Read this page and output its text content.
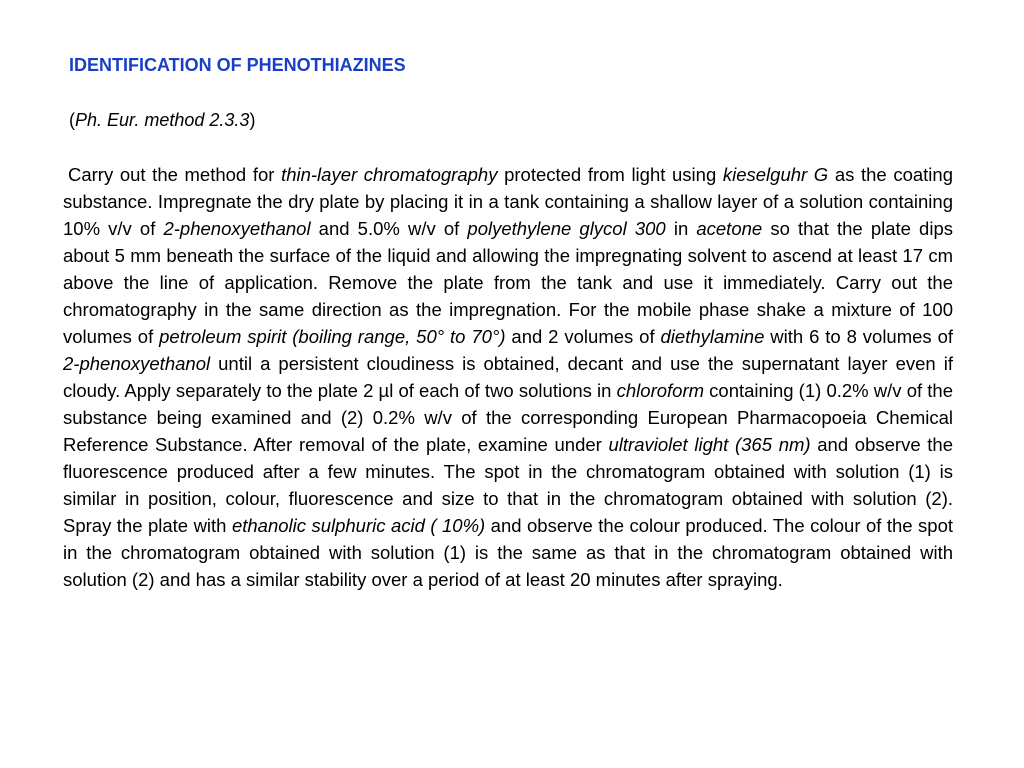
IDENTIFICATION OF PHENOTHIAZINES
(Ph. Eur. method 2.3.3)

Carry out the method for thin-layer chromatography protected from light using kieselguhr G as the coating substance. Impregnate the dry plate by placing it in a tank containing a shallow layer of a solution containing 10% v/v of 2-phenoxyethanol and 5.0% w/v of polyethylene glycol 300 in acetone so that the plate dips about 5 mm beneath the surface of the liquid and allowing the impregnating solvent to ascend at least 17 cm above the line of application. Remove the plate from the tank and use it immediately. Carry out the chromatography in the same direction as the impregnation. For the mobile phase shake a mixture of 100 volumes of petroleum spirit (boiling range, 50° to 70°) and 2 volumes of diethylamine with 6 to 8 volumes of 2-phenoxyethanol until a persistent cloudiness is obtained, decant and use the supernatant layer even if cloudy. Apply separately to the plate 2 µl of each of two solutions in chloroform containing (1) 0.2% w/v of the substance being examined and (2) 0.2% w/v of the corresponding European Pharmacopoeia Chemical Reference Substance. After removal of the plate, examine under ultraviolet light (365 nm) and observe the fluorescence produced after a few minutes. The spot in the chromatogram obtained with solution (1) is similar in position, colour, fluorescence and size to that in the chromatogram obtained with solution (2). Spray the plate with ethanolic sulphuric acid ( 10%) and observe the colour produced. The colour of the spot in the chromatogram obtained with solution (1) is the same as that in the chromatogram obtained with solution (2) and has a similar stability over a period of at least 20 minutes after spraying.
